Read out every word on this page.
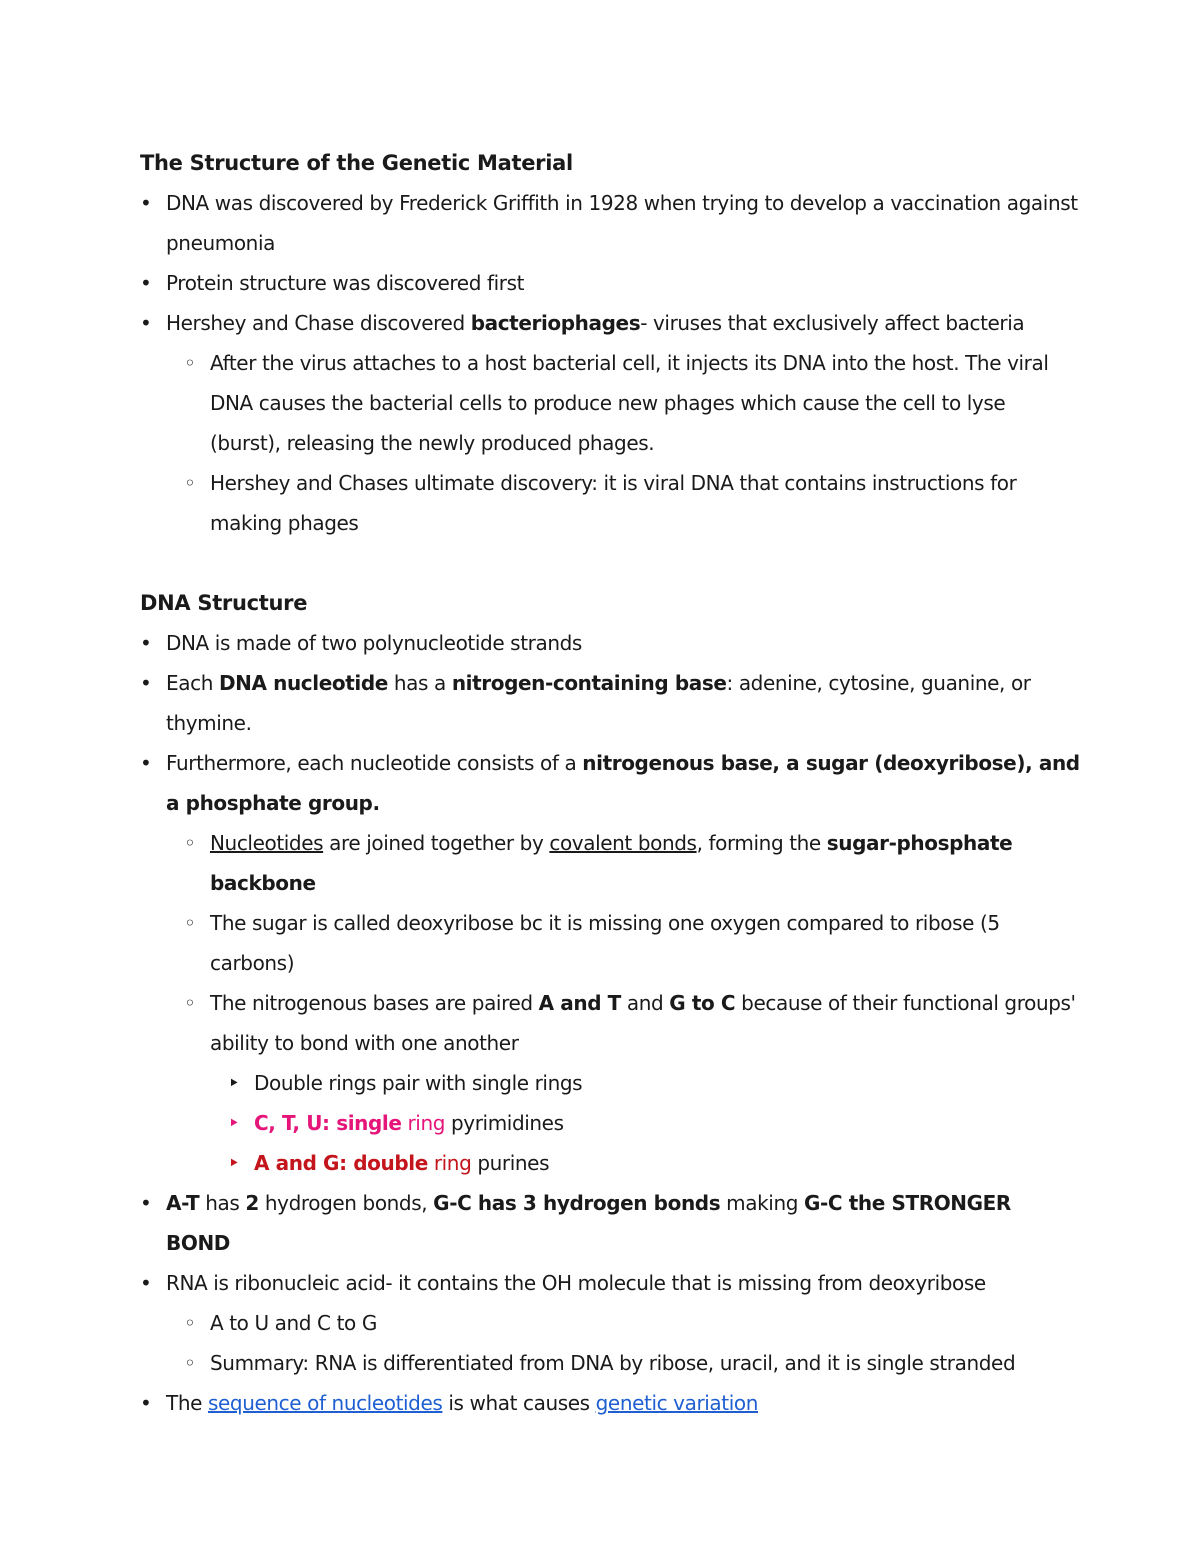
The Structure of the Genetic Material
• DNA was discovered by Frederick Griffith in 1928 when trying to develop a vaccination against pneumonia
• Protein structure was discovered first
• Hershey and Chase discovered bacteriophages- viruses that exclusively affect bacteria
◦ After the virus attaches to a host bacterial cell, it injects its DNA into the host. The viral DNA causes the bacterial cells to produce new phages which cause the cell to lyse (burst), releasing the newly produced phages.
◦ Hershey and Chases ultimate discovery: it is viral DNA that contains instructions for making phages
DNA Structure
• DNA is made of two polynucleotide strands
• Each DNA nucleotide has a nitrogen-containing base: adenine, cytosine, guanine, or thymine.
• Furthermore, each nucleotide consists of a nitrogenous base, a sugar (deoxyribose), and a phosphate group.
◦ Nucleotides are joined together by covalent bonds, forming the sugar-phosphate backbone
◦ The sugar is called deoxyribose bc it is missing one oxygen compared to ribose (5 carbons)
◦ The nitrogenous bases are paired A and T and G to C because of their functional groups' ability to bond with one another
‣ Double rings pair with single rings
‣ C, T, U: single ring pyrimidines
‣ A and G: double ring purines
• A-T has 2 hydrogen bonds, G-C has 3 hydrogen bonds making G-C the STRONGER BOND
• RNA is ribonucleic acid- it contains the OH molecule that is missing from deoxyribose
◦ A to U and C to G
◦ Summary: RNA is differentiated from DNA by ribose, uracil, and it is single stranded
• The sequence of nucleotides is what causes genetic variation
